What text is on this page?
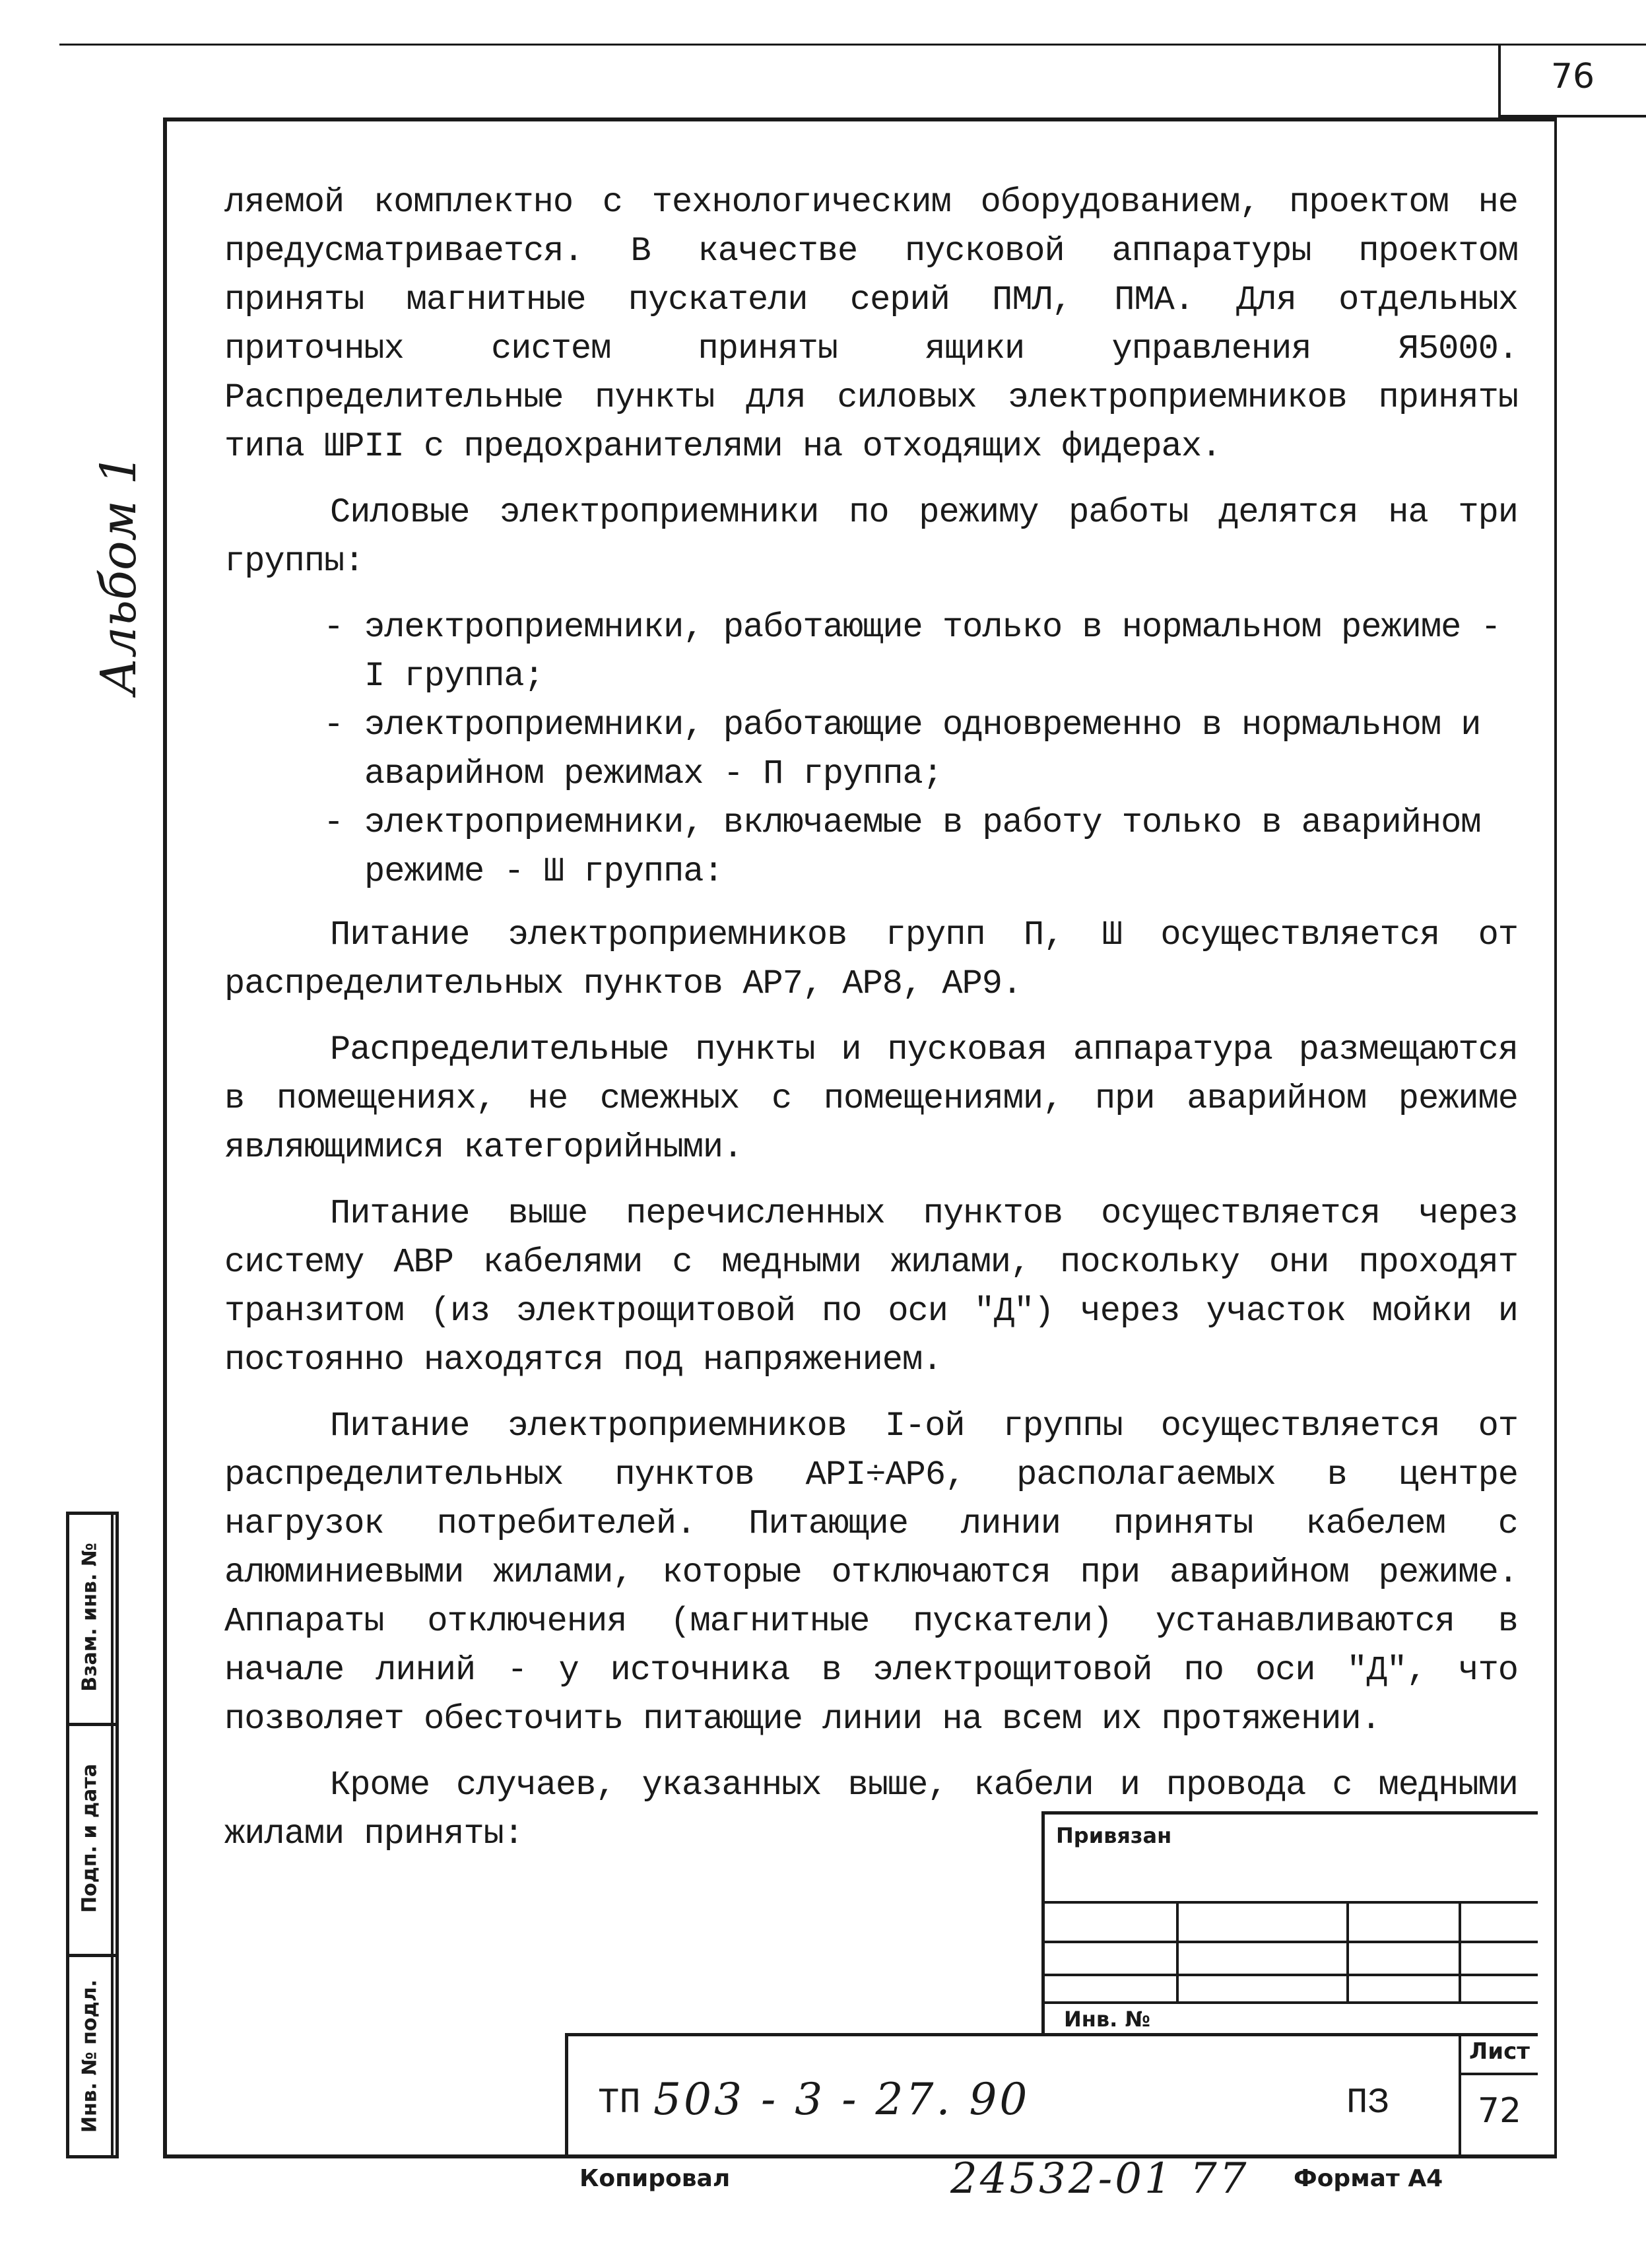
76
Альбом 1

ляемой комплектно с технологическим оборудованием, проектом не предусматривается. В качестве пусковой аппаратуры проектом приняты магнитные пускатели серий ПМЛ, ПМА. Для отдельных приточных систем приняты ящики управления Я5000. Распределительные пункты для силовых электроприемников приняты типа ШРII с предохранителями на отходящих фидерах.

Силовые электроприемники по режиму работы делятся на три группы:

- электроприемники, работающие только в нормальном режиме - I группа;
- электроприемники, работающие одновременно в нормальном и аварийном режимах - П группа;
- электроприемники, включаемые в работу только в аварийном режиме - Ш группа:

Питание электроприемников групп П, Ш осуществляется от распределительных пунктов АР7, АР8, АР9.

Распределительные пункты и пусковая аппаратура размещаются в помещениях, не смежных с помещениями, при аварийном режиме являющимися категорийными.

Питание выше перечисленных пунктов осуществляется через систему АВР кабелями с медными жилами, поскольку они проходят транзитом (из электрощитовой по оси "Д") через участок мойки и постоянно находятся под напряжением.

Питание электроприемников I-ой группы осуществляется от распределительных пунктов АРI÷АР6, располагаемых в центре нагрузок потребителей. Питающие линии приняты кабелем с алюминиевыми жилами, которые отключаются при аварийном режиме. Аппараты отключения (магнитные пускатели) устанавливаются в начале линий - у источника в электрощитовой по оси "Д", что позволяет обесточить питающие линии на всем их протяжении.

Кроме случаев, указанных выше, кабели и провода с медными жилами приняты:

Взам. инв. №
Подп. и дата
Инв. № подл.
Привязан
Инв. №
ТП 503 - 3 - 27. 90	ПЗ
Лист
72
Копировал	24532-01 77 Формат А4
